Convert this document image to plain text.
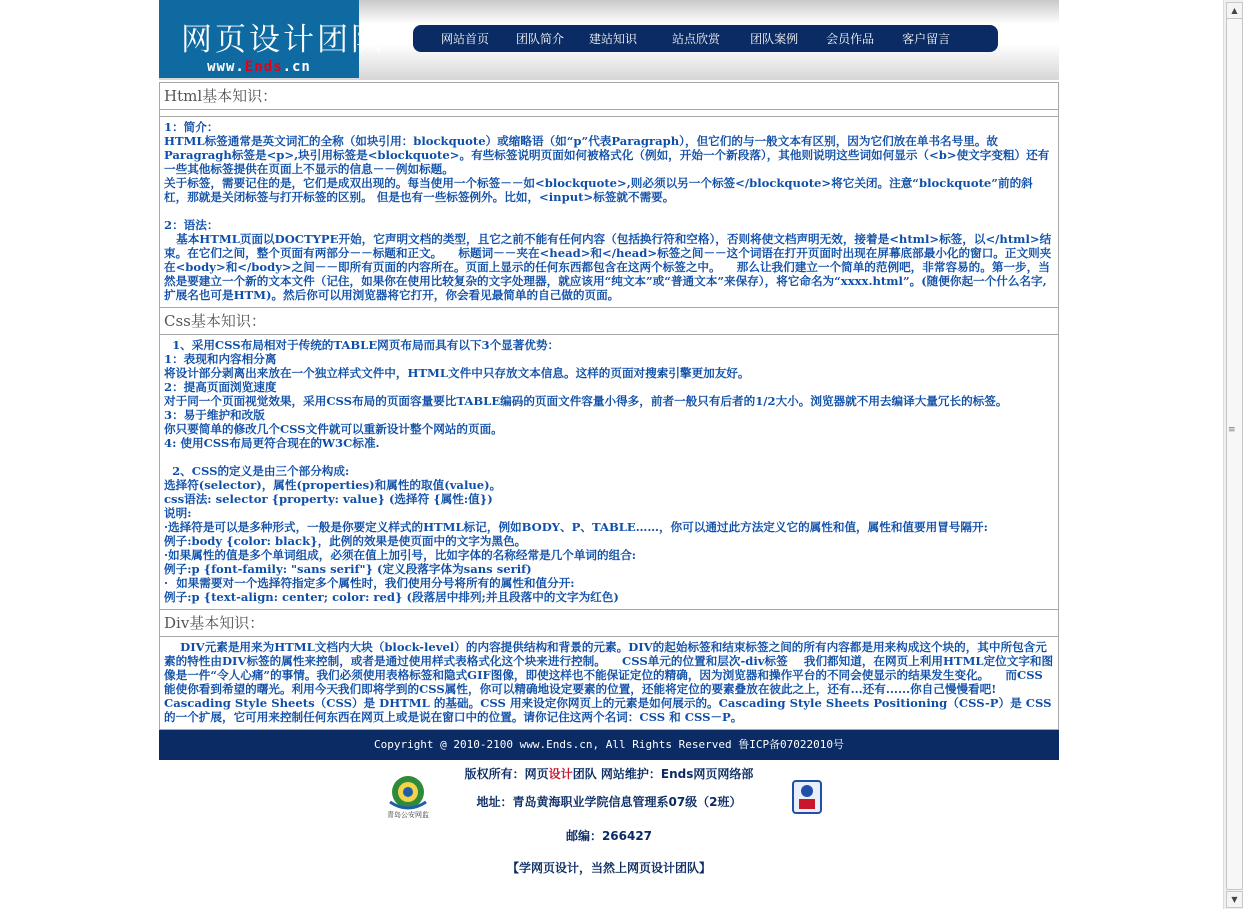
网页设计团队
www.Ends.cn
网站首页 团队简介 建站知识	站点欣赏	团队案例 会员作品 客户留言
Html基本知识：
1：简介：
HTML标签通常是英文词汇的全称（如块引用：blockquote）或缩略语（如“p”代表Paragraph），但它们的与一般文本有区别，因为它们放在单书名号里。故Paragragh标签是<p>,块引用标签是<blockquote>。有些标签说明页面如何被格式化（例如，开始一个新段落），其他则说明这些词如何显示（<b>使文字变粗）还有一些其他标签提供在页面上不显示的信息－－例如标题。
关于标签，需要记住的是，它们是成双出现的。每当使用一个标签－－如<blockquote>,则必须以另一个标签</blockquote>将它关闭。注意“blockquote”前的斜杠，那就是关闭标签与打开标签的区别。 但是也有一些标签例外。比如，<input>标签就不需要。

2：语法：
基本HTML页面以DOCTYPE开始，它声明文档的类型，且它之前不能有任何内容（包括换行符和空格），否则将使文档声明无效，接着是<html>标签，以</html>结束。在它们之间，整个页面有两部分－－标题和正文。    标题词－－夹在<head>和</head>标签之间－－这个词语在打开页面时出现在屏幕底部最小化的窗口。正文则夹在<body>和</body>之间－－即所有页面的内容所在。页面上显示的任何东西都包含在这两个标签之中。    那么让我们建立一个简单的范例吧，非常容易的。第一步，当然是要建立一个新的文本文件（记住，如果你在使用比较复杂的文字处理器，就应该用“纯文本”或“普通文本”来保存），将它命名为“xxxx.html”。(随便你起一个什么名字,扩展名也可是HTM)。然后你可以用浏览器将它打开，你会看见最简单的自己做的页面。
Css基本知识：
1、采用CSS布局相对于传统的TABLE网页布局而具有以下3个显著优势：
1：表现和内容相分离
将设计部分剥离出来放在一个独立样式文件中，HTML文件中只存放文本信息。这样的页面对搜索引擎更加友好。
2：提高页面浏览速度
对于同一个页面视觉效果，采用CSS布局的页面容量要比TABLE编码的页面文件容量小得多，前者一般只有后者的1/2大小。浏览器就不用去编译大量冗长的标签。
3：易于维护和改版
你只要简单的修改几个CSS文件就可以重新设计整个网站的页面。
4: 使用CSS布局更符合现在的W3C标准.

2、CSS的定义是由三个部分构成:
选择符(selector)，属性(properties)和属性的取值(value)。
css语法: selector {property: value} (选择符 {属性:值})
说明:
·选择符是可以是多种形式，一般是你要定义样式的HTML标记，例如BODY、P、TABLE……，你可以通过此方法定义它的属性和值，属性和值要用冒号隔开:
例子:body {color: black}，此例的效果是使页面中的文字为黑色。
·如果属性的值是多个单词组成，必须在值上加引号，比如字体的名称经常是几个单词的组合:
例子:p {font-family: "sans serif"} (定义段落字体为sans serif)
·  如果需要对一个选择符指定多个属性时，我们使用分号将所有的属性和值分开:
例子:p {text-align: center; color: red} (段落居中排列;并且段落中的文字为红色)
Div基本知识：
DIV元素是用来为HTML文档内大块（block-level）的内容提供结构和背景的元素。DIV的起始标签和结束标签之间的所有内容都是用来构成这个块的，其中所包含元素的特性由DIV标签的属性来控制，或者是通过使用样式表格式化这个块来进行控制。    CSS单元的位置和层次-div标签    我们都知道，在网页上利用HTML定位文字和图像是一件“令人心痛”的事情。我们必须使用表格标签和隐式GIF图像，即使这样也不能保证定位的精确，因为浏览器和操作平台的不同会使显示的结果发生变化。    而CSS能使你看到希望的曙光。利用今天我们即将学到的CSS属性，你可以精确地设定要素的位置，还能将定位的要素叠放在彼此之上，还有...还有......你自己慢慢看吧!    Cascading Style Sheets（CSS）是 DHTML 的基础。CSS 用来设定你网页上的元素是如何展示的。Cascading Style Sheets Positioning（CSS-P）是 CSS 的一个扩展，它可用来控制任何东西在网页上或是说在窗口中的位置。请你记住这两个名词：CSS 和 CSS－P。
Copyright @ 2010-2100 www.Ends.cn, All Rights Reserved 鲁ICP备07022010号
版权所有：网页设计团队 网站维护：Ends网页网络部
青岛公安网监
地址：青岛黄海职业学院信息管理系07级（2班）
邮编：266427
【学网页设计，当然上网页设计团队】
▲
≡
▼
